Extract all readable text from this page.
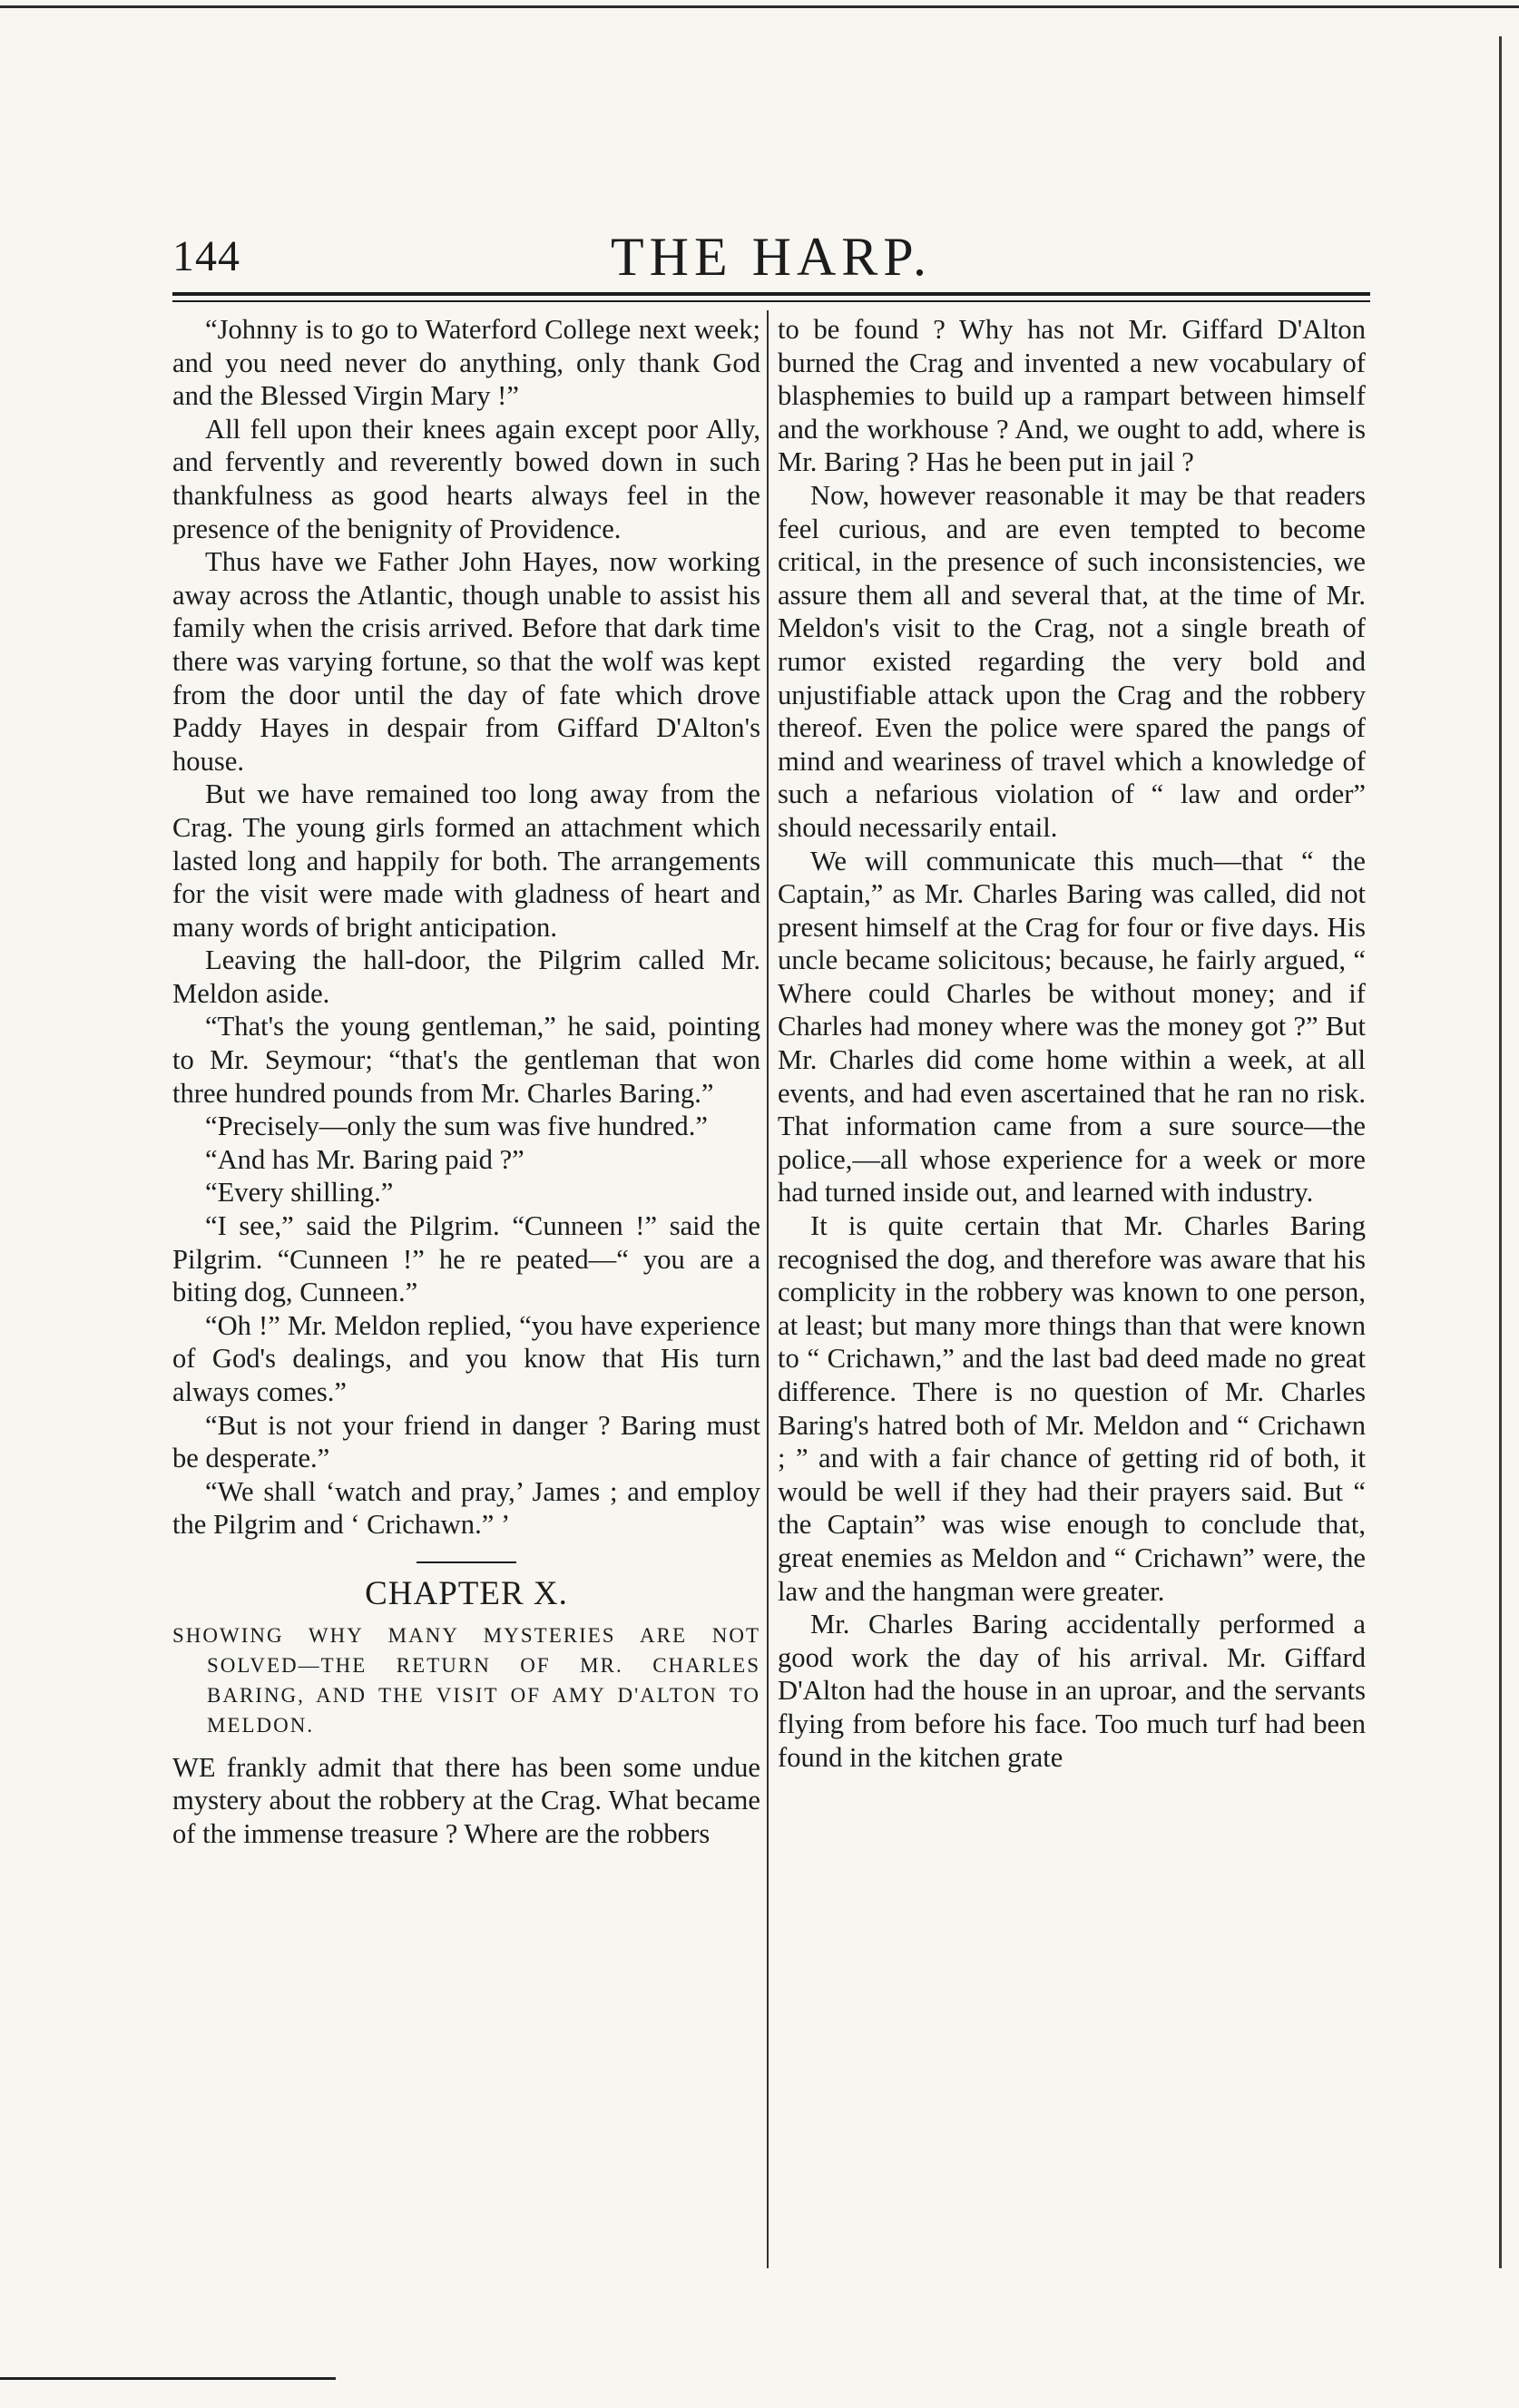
144	THE HARP.

“Johnny is to go to Waterford College next week; and you need never do anything, only thank God and the Blessed Virgin Mary !”

All fell upon their knees again except poor Ally, and fervently and reverently bowed down in such thankfulness as good hearts always feel in the presence of the benignity of Providence.

Thus have we Father John Hayes, now working away across the Atlantic, though unable to assist his family when the crisis arrived. Before that dark time there was varying fortune, so that the wolf was kept from the door until the day of fate which drove Paddy Hayes in despair from Giffard D'Alton's house.

But we have remained too long away from the Crag. The young girls formed an attachment which lasted long and happily for both. The arrangements for the visit were made with gladness of heart and many words of bright anticipation.

Leaving the hall-door, the Pilgrim called Mr. Meldon aside.

“That's the young gentleman,” he said, pointing to Mr. Seymour; “that's the gentleman that won three hundred pounds from Mr. Charles Baring.”

“Precisely—only the sum was five hundred.”

“And has Mr. Baring paid ?”

“Every shilling.”

“I see,” said the Pilgrim. “Cunneen !” said the Pilgrim. “Cunneen !” he re peated—“ you are a biting dog, Cunneen.”

“Oh !” Mr. Meldon replied, “you have experience of God's dealings, and you know that His turn always comes.”

“But is not your friend in danger ? Baring must be desperate.”

“We shall ‘watch and pray,’ James ; and employ the Pilgrim and ‘ Crichawn.” ’

CHAPTER X.
SHOWING WHY MANY MYSTERIES ARE NOT SOLVED—THE RETURN OF MR. CHARLES BARING, AND THE VISIT OF AMY D'ALTON TO MELDON.

WE frankly admit that there has been some undue mystery about the robbery at the Crag. What became of the immense treasure ? Where are the robbers

to be found ? Why has not Mr. Giffard D'Alton burned the Crag and invented a new vocabulary of blasphemies to build up a rampart between himself and the workhouse ? And, we ought to add, where is Mr. Baring ? Has he been put in jail ?

Now, however reasonable it may be that readers feel curious, and are even tempted to become critical, in the presence of such inconsistencies, we assure them all and several that, at the time of Mr. Meldon's visit to the Crag, not a single breath of rumor existed regarding the very bold and unjustifiable attack upon the Crag and the robbery thereof. Even the police were spared the pangs of mind and weariness of travel which a knowledge of such a nefarious violation of “ law and order” should necessarily entail.

We will communicate this much—that “ the Captain,” as Mr. Charles Baring was called, did not present himself at the Crag for four or five days. His uncle became solicitous; because, he fairly argued, “ Where could Charles be without money; and if Charles had money where was the money got ?” But Mr. Charles did come home within a week, at all events, and had even ascertained that he ran no risk. That information came from a sure source—the police,—all whose experience for a week or more had turned inside out, and learned with industry.

It is quite certain that Mr. Charles Baring recognised the dog, and therefore was aware that his complicity in the robbery was known to one person, at least; but many more things than that were known to “ Crichawn,” and the last bad deed made no great difference. There is no question of Mr. Charles Baring's hatred both of Mr. Meldon and “ Crichawn ; ” and with a fair chance of getting rid of both, it would be well if they had their prayers said. But “ the Captain” was wise enough to conclude that, great enemies as Meldon and “ Crichawn” were, the law and the hangman were greater.

Mr. Charles Baring accidentally performed a good work the day of his arrival. Mr. Giffard D'Alton had the house in an uproar, and the servants flying from before his face. Too much turf had been found in the kitchen grate
